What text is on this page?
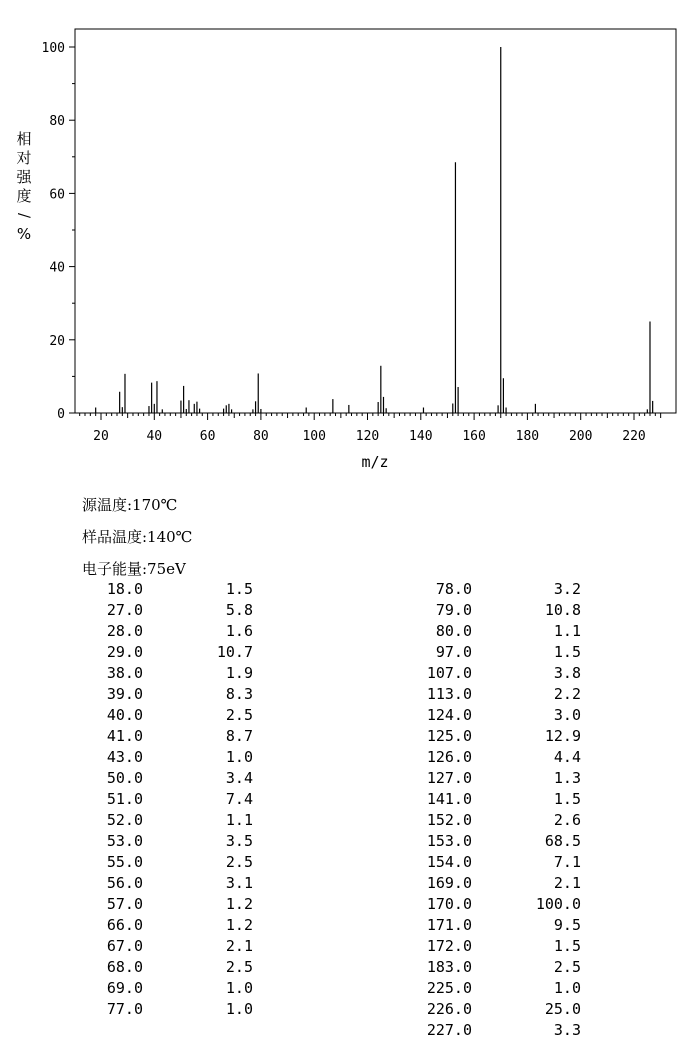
0
20
40
60
80
100
20	40	60	80	100 120 140 160 180 200 220
m/z
相
对
强
度
/
%
源温度:170℃
样品温度:140℃
电子能量:75eV
18.0	1.5
27.0	5.8
28.0	1.6
29.0	10.7
38.0	1.9
39.0	8.3
40.0	2.5
41.0	8.7
43.0	1.0
50.0	3.4
51.0	7.4
52.0	1.1
53.0	3.5
55.0	2.5
56.0	3.1
57.0	1.2
66.0	1.2
67.0	2.1
68.0	2.5
69.0	1.0
77.0	1.0
78.0	3.2
79.0	10.8
80.0	1.1
97.0	1.5
107.0	3.8
113.0	2.2
124.0	3.0
125.0	12.9
126.0	4.4
127.0	1.3
141.0	1.5
152.0	2.6
153.0	68.5
154.0	7.1
169.0	2.1
170.0	100.0
171.0	9.5
172.0	1.5
183.0	2.5
225.0	1.0
226.0	25.0
227.0	3.3
